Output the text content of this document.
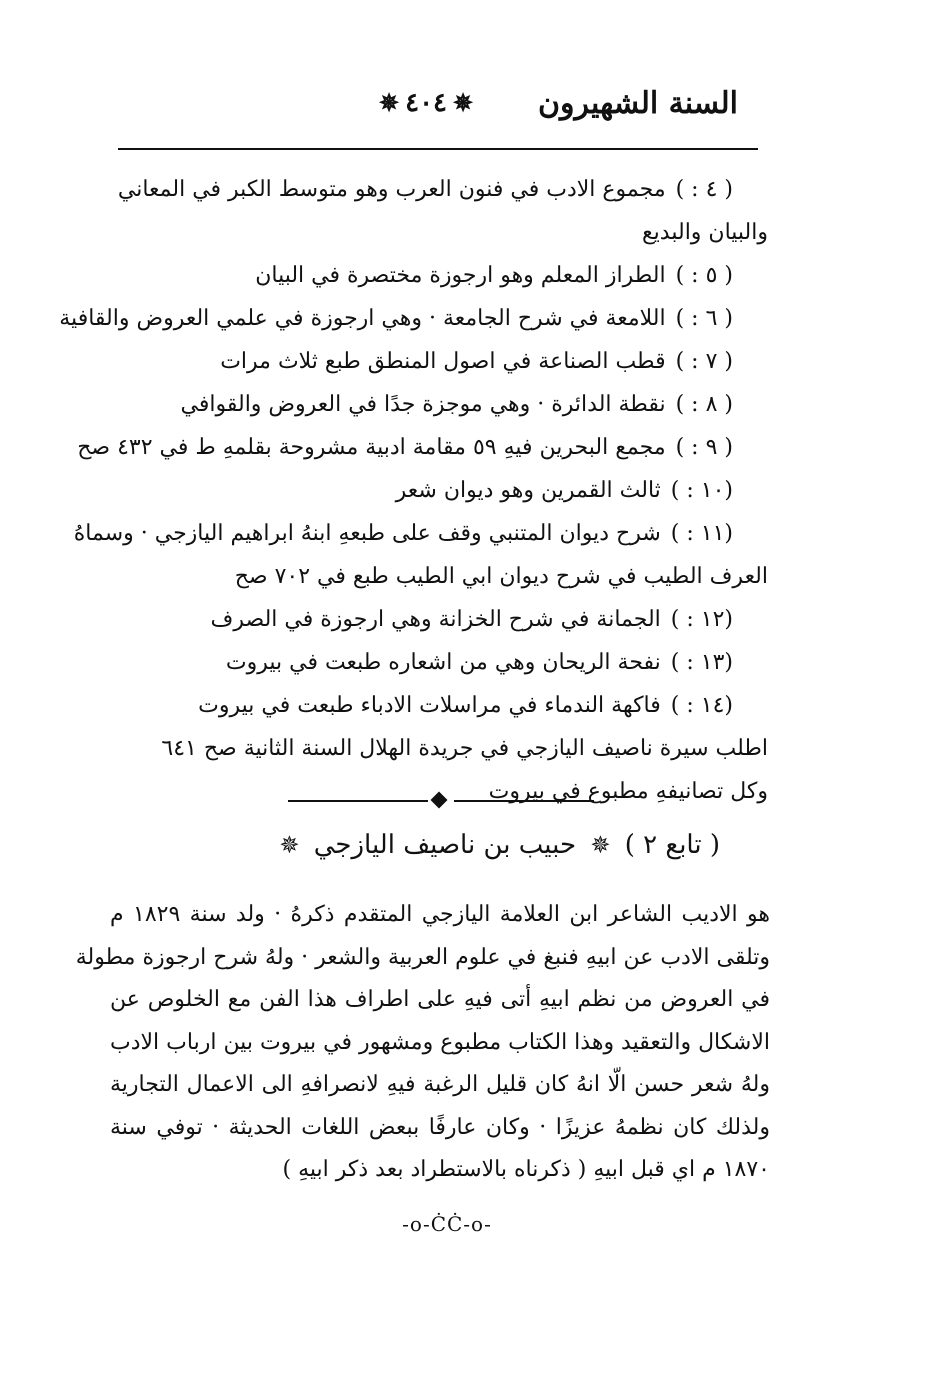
السنة الشهيرون
✵٤٠٤✵
( ٤ : )مجموع الادب في فنون العرب وهو متوسط الكبر في المعاني
والبيان والبديع
( ٥ : )الطراز المعلم وهو ارجوزة مختصرة في البيان
( ٦ : )اللامعة في شرح الجامعة · وهي ارجوزة في علمي العروض والقافية
( ٧ : )قطب الصناعة في اصول المنطق طبع ثلاث مرات
( ٨ : )نقطة الدائرة · وهي موجزة جدًا في العروض والقوافي
( ٩ : )مجمع البحرين فيهِ ٥٩ مقامة ادبية مشروحة بقلمهِ ط في ٤٣٢ صح
(١٠ : )ثالث القمرين وهو ديوان شعر
(١١ : )شرح ديوان المتنبي وقف على طبعهِ ابنهُ ابراهيم اليازجي · وسماهُ
العرف الطيب في شرح ديوان ابي الطيب طبع في ٧٠٢ صح
(١٢ : )الجمانة في شرح الخزانة وهي ارجوزة في الصرف
(١٣ : )نفحة الريحان وهي من اشعاره طبعت في بيروت
(١٤ : )فاكهة الندماء في مراسلات الادباء طبعت في بيروت
اطلب سيرة ناصيف اليازجي في جريدة الهلال السنة الثانية صح ٦٤١
وكل تصانيفهِ مطبوع في بيروت
( تابع ٢ ) ✵ حبيب بن ناصيف اليازجي ✵
هو الاديب الشاعر ابن العلامة اليازجي المتقدم ذكرهُ · ولد سنة ١٨٢٩ م
وتلقى الادب عن ابيهِ فنبغ في علوم العربية والشعر · ولهُ شرح ارجوزة مطولة
في العروض من نظم ابيهِ أتى فيهِ على اطراف هذا الفن مع الخلوص عن
الاشكال والتعقيد وهذا الكتاب مطبوع ومشهور في بيروت بين ارباب الادب
ولهُ شعر حسن الّا انهُ كان قليل الرغبة فيهِ لانصرافهِ الى الاعمال التجارية
ولذلك كان نظمهُ عزيزًا · وكان عارفًا ببعض اللغات الحديثة · توفي سنة
١٨٧٠ م اي قبل ابيهِ ( ذكرناه بالاستطراد بعد ذكر ابيهِ )
-o-ĊĊ-o-
